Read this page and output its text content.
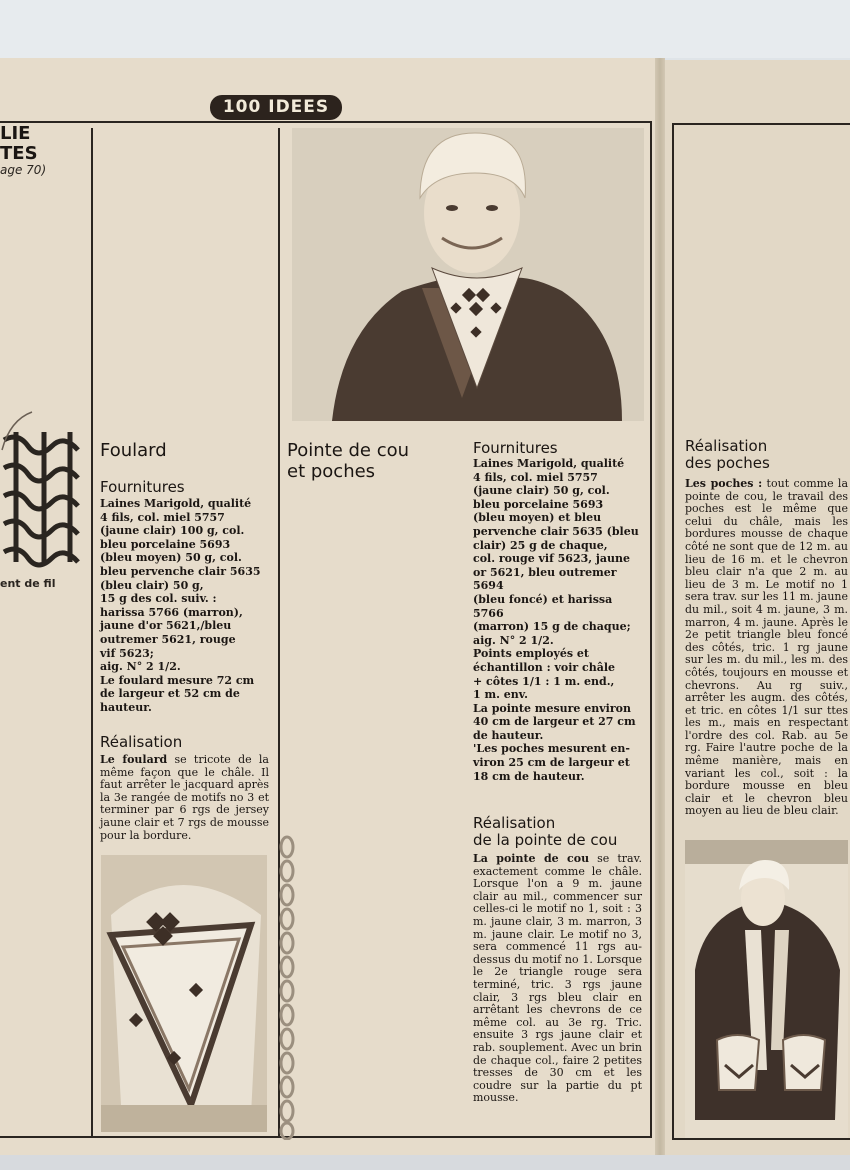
100 IDEES
LIE
TES
age 70)
ent de fil
Foulard
Fournitures
Laines Marigold, qualité
4 fils, col. miel 5757
(jaune clair) 100 g, col.
bleu porcelaine 5693
(bleu moyen) 50 g, col.
bleu pervenche clair 5635
(bleu clair) 50 g,
15 g des col. suiv. :
harissa 5766 (marron),
jaune d'or 5621,/bleu
outremer 5621, rouge
vif 5623;
aig. N° 2 1/2.
Le foulard mesure 72 cm
de largeur et 52 cm de
hauteur.
Réalisation
Le foulard se tricote de la même façon que le châle. Il faut arrêter le jacquard après la 3e rangée de motifs no 3 et terminer par 6 rgs de jersey jaune clair et 7 rgs de mousse pour la bordure.
Pointe de cou
et poches
Fournitures
Laines Marigold, qualité
4 fils, col. miel 5757
(jaune clair) 50 g, col.
bleu porcelaine 5693
(bleu moyen) et bleu
pervenche clair 5635 (bleu
clair) 25 g de chaque,
col. rouge vif 5623, jaune
or 5621, bleu outremer 5694
(bleu foncé) et harissa 5766
(marron) 15 g de chaque;
aig. N° 2 1/2.
Points employés et
échantillon : voir châle
+ côtes 1/1 : 1 m. end.,
1 m. env.
La pointe mesure environ
40 cm de largeur et 27 cm
de hauteur.
'Les poches mesurent en-
viron 25 cm de largeur et
18 cm de hauteur.
Réalisation
de la pointe de cou
La pointe de cou se trav. exactement comme le châle. Lorsque l'on a 9 m. jaune clair au mil., commencer sur celles-ci le motif no 1, soit : 3 m. jaune clair, 3 m. marron, 3 m. jaune clair. Le motif no 3, sera commencé 11 rgs au-dessus du motif no 1. Lorsque le 2e triangle rouge sera terminé, tric. 3 rgs jaune clair, 3 rgs bleu clair en arrêtant les chevrons de ce même col. au 3e rg. Tric. ensuite 3 rgs jaune clair et rab. souplement. Avec un brin de chaque col., faire 2 petites tresses de 30 cm et les coudre sur la partie du pt mousse.
Réalisation
des poches
Les poches : tout comme la pointe de cou, le travail des poches est le même que celui du châle, mais les bordures mousse de chaque côté ne sont que de 12 m. au lieu de 16 m. et le chevron bleu clair n'a que 2 m. au lieu de 3 m. Le motif no 1 sera trav. sur les 11 m. jaune du mil., soit 4 m. jaune, 3 m. marron, 4 m. jaune. Après le 2e petit triangle bleu foncé des côtés, tric. 1 rg jaune sur les m. du mil., les m. des côtés, toujours en mousse et chevrons. Au rg suiv., arrêter les augm. des côtés, et tric. en côtes 1/1 sur ttes les m., mais en respectant l'ordre des col. Rab. au 5e rg. Faire l'autre poche de la même manière, mais en variant les col., soit : la bordure mousse en bleu clair et le chevron bleu moyen au lieu de bleu clair.
